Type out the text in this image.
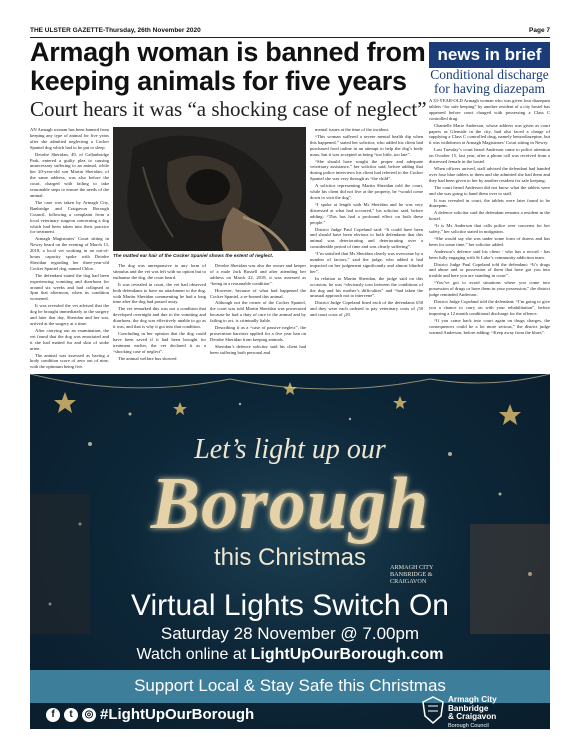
THE ULSTER GAZETTE-Thursday, 26th November 2020	Page 7
Armagh woman is banned from keeping animals for five years
Court hears it was “a shocking case of neglect”

AN Armagh woman has been banned from keeping any type of animal for five years after she admitted neglecting a Cocker Spaniel dog which had to be put to sleep.

Deirdre Sheridan, 49, of Callanbridge Park, entered a guilty plea to causing unnecessary suffering to an animal, while her 20-year-old son Martin Sheridan, of the same address, was also before the court, charged with failing to take reasonable steps to ensure the needs of the animal.

The case was taken by Armagh City, Banbridge and Craigavon Borough Council, following a complaint from a local veterinary surgeon concerning a dog which had been taken into their practice for treatment.

Armagh Magistrates’ Court sitting in Newry heard on the evening of March 13, 2018, a local vet working in an out-of-hours capacity spoke with Deirdre Sheridan regarding her three-year-old Cocker Spaniel dog, named Chloe.

The defendant stated the dog had been experiencing vomiting and diarrhoea for around six weeks and had collapsed at 3pm that afternoon, when its condition worsened.

It was revealed the vet advised that the dog be brought immediately to the surgery and later that day, Sheridan and her son, arrived at the surgery at a time.

After carrying out an examination, the vet found that the dog was emaciated and it she had matted fur and skin of stoke urine.

The animal was assessed as having a body condition score of zero out of nine, with the optimum being five.

The dog was unresponsive to any form of stimulus and the vet was left with no option but to euthanise the dog, the court heard.

It was revealed in court, the vet had observed both defendants to have no attachment to the dog, with Martin Sheridan commenting he had a long time after the dog had passed away.

The vet remarked this was not a condition that developed overnight and due to the vomiting and diarrhoea, the dog was effectively unable to go as it was, and that is why it got into that condition.

Concluding in her opinion that the dog could have been saved if it had been brought for treatment earlier, the vet declared it as a “shocking case of neglect”.

The animal welfare bus showed

Deirdre Sheridan was also the owner and keeper of a male Jack Russell and after attending her address on March 22, 2018, it was assessed as “being in a reasonable condition”.

However, because of what had happened the Cocker Spaniel, a re-homed this animal.

Although not the owner of the Cocker Spaniel, the court was told Martin Sheridan was prosecuted because he had a duty of care to the animal and by failing to act, is criminally liable.

Describing it as a “case of passive neglect”, the prosecution barrister applied for a five year ban on Deirdre Sheridan from keeping animals.

Sheridan’s defence solicitor said his client had been suffering both personal and

mental issues at the time of the incident.

“This woman suffered a severe mental health dip when this happened,” stated her solicitor, who added his client had purchased food online in an attempt to help the dog’s body mass, but it was accepted as being “too little, too late”.

“She should have sought the proper and adequate veterinary assistance,” her solicitor said, before adding that during police interviews his client had referred to the Cocker Spaniel she was very through as “the child”.

A solicitor representing Martin Sheridan told the court, while his client did not live at the property, he “would come down to visit the dog”.

“I spoke at length with Mr Sheridan and he was very distressed at what had occurred,” his solicitor said, before adding: “This has had a profound effect on both these people.”

District Judge Paul Copeland said: “It could have been and should have been obvious to both defendants that this animal was deteriorating and deteriorating over a considerable period of time and was clearly suffering”.

“I’m satisfied that Ms Sheridan clearly was overcome by a number of factors,” said the judge, who added it had impacted on her judgement significantly and almost blinded her”.

In relation to Martin Sheridan, the judge said on this occasion, he was “obviously torn between the conditions of the dog and his mother’s difficulties” and “had taken the unusual approach not to intervene”.

District Judge Copeland fined each of the defendants £50 and they were each ordered to pay veterinary costs of ¡50 and court costs of ¡20.

The matted ear hair of the Cocker Spaniel shows the extent of neglect.
news in brief
Conditional discharge for having diazepam

A 33-YEAR-OLD Armagh woman who was given four diazepam tablets “for safe keeping” by another resident of a city hostel has appeared before court charged with possessing a Class C controlled drug.

Chantelle Marie Anderson, whose address was given as court papers as Glenside in the city, had also faced a charge of supplying a Class C controlled drug, namely benzodiazepine, but it was withdrawn at Armagh Magistrates’ Court sitting in Newry.

Last Tuesday’s court heard Anderson came to police attention on October 15, last year, after a phone call was received from a distressed female in the hostel.

When officers arrived, staff advised the defendant had handed over four blue tablets to them and she admitted she had them and they had been given to her by another resident for safe keeping.

The court heard Anderson did not know what the tablets were and she was going to hand them over to staff.

It was revealed in court, the tablets were later found to be diazepam.

A defence solicitor said the defendant remains a resident in the hostel.

“It is Ms Anderson that calls police over concerns for her safety,” her solicitor stated in mitigation.

“She would say she was under some form of duress and has been for some time,” her solicitor added.

Anderson’s defence said his client - who has a record - has been fully engaging with St Luke’s community addiction team.

District Judge Paul Copeland told the defendant: “It’s drugs and abuse and or possession of them that have got you into trouble and here you are standing in court”.

“You’ve got to avoid situations where you come into possession of drugs or have them in your possession,” the district judge reminded Anderson.

District Judge Copeland told the defendant: “I’m going to give you a chance to carry on with your rehabilitation”, before imposing a 12 month conditional discharge for the offence.

“If you come back into court again on drugs charges, the consequences could be a lot more serious,” the district judge warned Anderson, before adding: “Keep away from the blues”.

Let’s light up our
Borough
this Christmas	ARMAGH CITY BANBRIDGE & CRAIGAVON
Virtual Lights Switch On
Saturday 28 November @ 7.00pm
Watch online at LightUpOurBorough.com
Support Local & Stay Safe this Christmas
f t ◎ #LightUpOurBorough
Armagh City
Banbridge
& Craigavon
Borough Council
